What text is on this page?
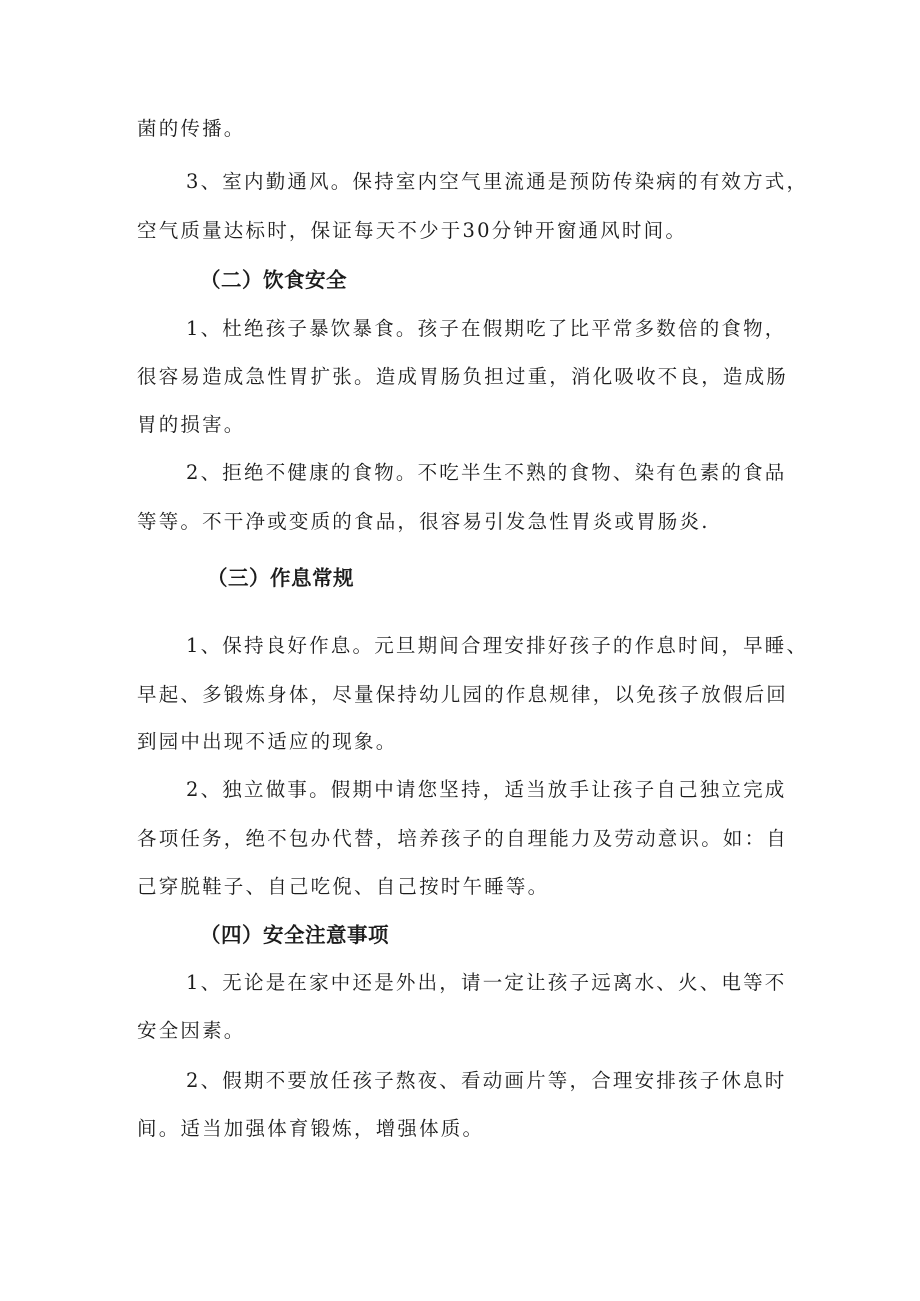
菌的传播。

3、室内勤通风。保持室内空气里流通是预防传染病的有效方式，

空气质量达标时，保证每天不少于30分钟开窗通风时间。

（二）饮食安全

1、杜绝孩子暴饮暴食。孩子在假期吃了比平常多数倍的食物，

很容易造成急性胃扩张。造成胃肠负担过重，消化吸收不良，造成肠

胃的损害。

2、拒绝不健康的食物。不吃半生不熟的食物、染有色素的食品

等等。不干净或变质的食品，很容易引发急性胃炎或胃肠炎.

（三）作息常规

1、保持良好作息。元旦期间合理安排好孩子的作息时间，早睡、

早起、多锻炼身体，尽量保持幼儿园的作息规律，以免孩子放假后回

到园中出现不适应的现象。

2、独立做事。假期中请您坚持，适当放手让孩子自己独立完成

各项任务，绝不包办代替，培养孩子的自理能力及劳动意识。如：自

己穿脱鞋子、自己吃倪、自己按时午睡等。

（四）安全注意事项

1、无论是在家中还是外出，请一定让孩子远离水、火、电等不

安全因素。

2、假期不要放任孩子熬夜、看动画片等，合理安排孩子休息时

间。适当加强体育锻炼，增强体质。
